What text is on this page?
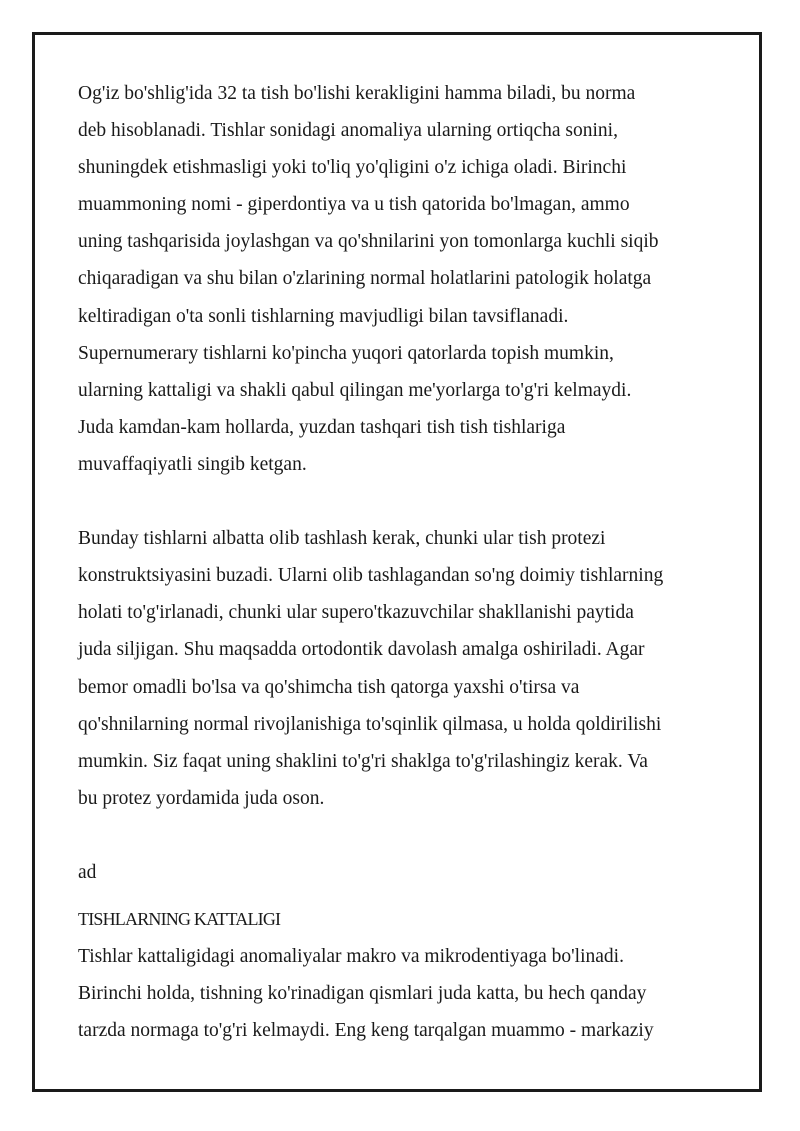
Og'iz bo'shlig'ida 32 ta tish bo'lishi kerakligini hamma biladi, bu norma
deb hisoblanadi. Tishlar sonidagi anomaliya ularning ortiqcha sonini,
shuningdek etishmasligi yoki to'liq yo'qligini o'z ichiga oladi. Birinchi
muammoning nomi - giperdontiya va u tish qatorida bo'lmagan, ammo
uning tashqarisida joylashgan va qo'shnilarini yon tomonlarga kuchli siqib
chiqaradigan va shu bilan o'zlarining normal holatlarini patologik holatga
keltiradigan o'ta sonli tishlarning mavjudligi bilan tavsiflanadi.
Supernumerary tishlarni ko'pincha yuqori qatorlarda topish mumkin,
ularning kattaligi va shakli qabul qilingan me'yorlarga to'g'ri kelmaydi.
Juda kamdan-kam hollarda, yuzdan tashqari tish tish tishlariga
muvaffaqiyatli singib ketgan.
Bunday tishlarni albatta olib tashlash kerak, chunki ular tish protezi
konstruktsiyasini buzadi. Ularni olib tashlagandan so'ng doimiy tishlarning
holati to'g'irlanadi, chunki ular supero'tkazuvchilar shakllanishi paytida
juda siljigan. Shu maqsadda ortodontik davolash amalga oshiriladi. Agar
bemor omadli bo'lsa va qo'shimcha tish qatorga yaxshi o'tirsa va
qo'shnilarning normal rivojlanishiga to'sqinlik qilmasa, u holda qoldirilishi
mumkin. Siz faqat uning shaklini to'g'ri shaklga to'g'rilashingiz kerak. Va
bu protez yordamida juda oson.
ad
TISHLARNING KATTALIGI
Tishlar kattaligidagi anomaliyalar makro va mikrodentiyaga bo'linadi.
Birinchi holda, tishning ko'rinadigan qismlari juda katta, bu hech qanday
tarzda normaga to'g'ri kelmaydi. Eng keng tarqalgan muammo - markaziy
